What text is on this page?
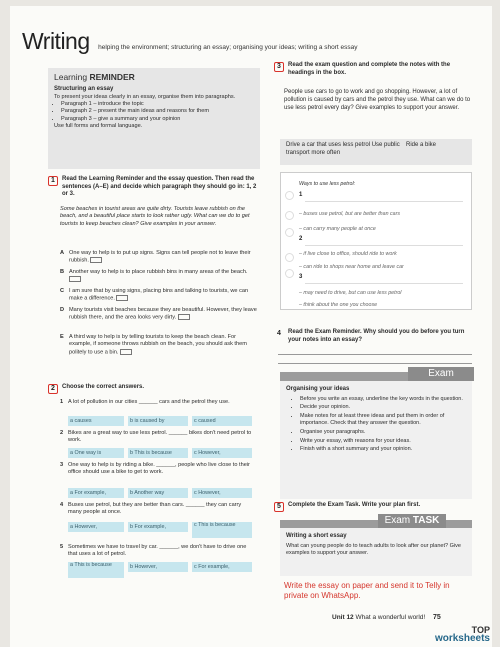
Writing helping the environment; structuring an essay; organising your ideas; writing a short essay
Learning REMINDER
Structuring an essay
To present your ideas clearly in an essay, organise them into paragraphs.
• Paragraph 1 – introduce the topic
• Paragraph 2 – present the main ideas and reasons for them
• Paragraph 3 – give a summary and your opinion
Use full forms and formal language.
1	Read the Learning Reminder and the essay question. Then read the sentences (A–E) and decide which paragraph they should go in: 1, 2 or 3.
Some beaches in tourist areas are quite dirty. Tourists leave rubbish on the beach, and a beautiful place starts to look rather ugly. What can we do to get tourists to keep beaches clean? Give examples in your answer.
A One way to help is to put up signs. Signs can tell people not to leave their rubbish.
B Another way to help is to place rubbish bins in many areas of the beach.
C I am sure that by using signs, placing bins and talking to tourists, we can make a difference.
D Many tourists visit beaches because they are beautiful. However, they leave rubbish there, and the area looks very dirty.
E A third way to help is by telling tourists to keep the beach clean. For example, if someone throws rubbish on the beach, you should ask them politely to use a bin.
2	Choose the correct answers.
1 A lot of pollution in our cities ______ cars and the petrol they use.
a causes	b is caused by	c caused
2 Bikes are a great way to use less petrol. ______ bikes don't need petrol to work.
a One way is	b This is because	c However,
3 One way to help is by riding a bike. ______, people who live close to their office should use a bike to get to work.
a For example,	b Another way	c However,
4 Buses use petrol, but they are better than cars. ______ they can carry many people at once.
a However,	b For example,	c This is because
5 Sometimes we have to travel by car. ______, we don't have to drive one that uses a lot of petrol.
a This is because	b However,	c For example,
3	Read the exam question and complete the notes with the headings in the box.
People use cars to go to work and go shopping. However, a lot of pollution is caused by cars and the petrol they use. What can we do to use less petrol every day? Give examples to support your answer.
Drive a car that uses less petrol Use public transport more often
Ride a bike
Ways to use less petrol:
1
– buses use petrol, but are better than cars
– can carry many people at once
2
– if live close to office, should ride to work
– can ride to shops near home and leave car
3
– may need to drive, but can use less petrol
– think about the one you choose
4	Read the Exam Reminder. Why should you do before you turn your notes into an essay?
Exam
Organising your ideas
• Before you write an essay, underline the key words in the question.
• Decide your opinion.
• Make notes for at least three ideas and put them in order of importance. Check that they answer the question.
• Organise your paragraphs.
• Write your essay, with reasons for your ideas.
• Finish with a short summary and your opinion.
5	Complete the Exam Task. Write your plan first.
Exam TASK
Writing a short essay
What can young people do to teach adults to look after our planet? Give examples to support your answer.
Write the essay on paper and send it to Telly in private on WhatsApp.
Unit 12 What a wonderful world! 75
TOP
worksheets
